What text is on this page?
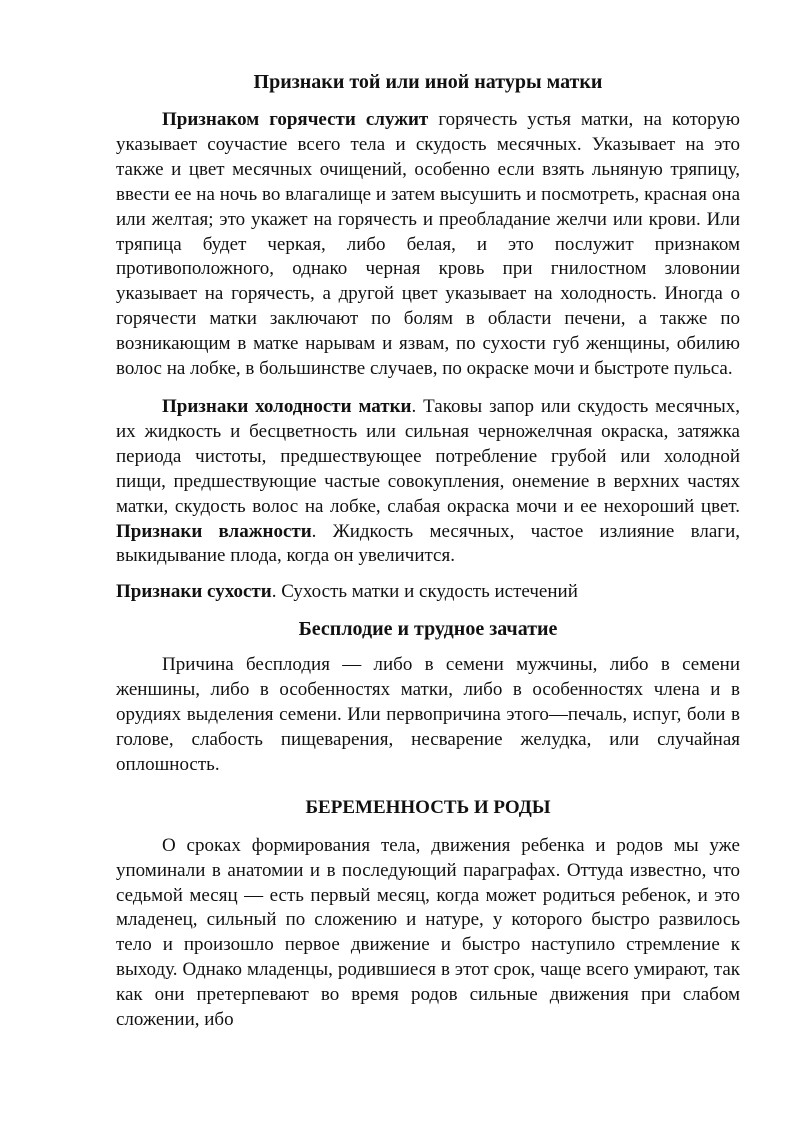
Признаки той или иной натуры матки

Признаком горячести служит горячесть устья матки, на которую указывает соучастие всего тела и скудость месячных. Указывает на это также и цвет месячных очищений, особенно если взять льняную тряпицу, ввести ее на ночь во влагалище и затем высушить и посмотреть, красная она или желтая; это укажет на горячесть и преобладание желчи или крови. Или тряпица будет черкая, либо белая, и это послужит признаком противоположного, однако черная кровь при гнилостном зловонии указывает на горячесть, а другой цвет указывает на холодность. Иногда о горячести матки заключают по болям в области печени, а также по возникающим в матке нарывам и язвам, по сухости губ женщины, обилию волос на лобке, в большинстве случаев, по окраске мочи и быстроте пульса.

Признаки холодности матки. Таковы запор или скудость месячных, их жидкость и бесцветность или сильная черножелчная окраска, затяжка периода чистоты, предшествующее потребление грубой или холодной пищи, предшествующие частые совокупления, онемение в верхних частях матки, скудость волос на лобке, слабая окраска мочи и ее нехороший цвет. Признаки влажности. Жидкость месячных, частое излияние влаги, выкидывание плода, когда он увеличится.

Признаки сухости. Сухость матки и скудость истечений

Бесплодие и трудное зачатие

Причина бесплодия — либо в семени мужчины, либо в семени женшины, либо в особенностях матки, либо в особенностях члена и в орудиях выделения семени. Или первопричина этого—печаль, испуг, боли в голове, слабость пищеварения, несварение желудка, или случайная оплошность.

БЕРЕМЕННОСТЬ И РОДЫ

О сроках формирования тела, движения ребенка и родов мы уже упоминали в анатомии и в последующий параграфах. Оттуда известно, что седьмой месяц — есть первый месяц, когда может родиться ребенок, и это младенец, сильный по сложению и натуре, у которого быстро развилось тело и произошло первое движение и быстро наступило стремление к выходу. Однако младенцы, родившиеся в этот срок, чаще всего умирают, так как они претерпевают во время родов сильные движения при слабом сложении, ибо
